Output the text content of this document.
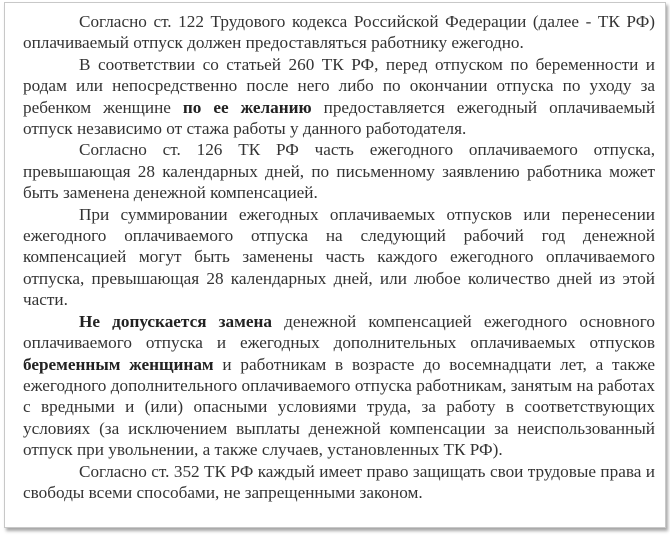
Согласно ст. 122 Трудового кодекса Российской Федерации (далее - ТК РФ) оплачиваемый отпуск должен предоставляться работнику ежегодно.

В соответствии со статьей 260 ТК РФ, перед отпуском по беременности и родам или непосредственно после него либо по окончании отпуска по уходу за ребенком женщине по ее желанию предоставляется ежегодный оплачиваемый отпуск независимо от стажа работы у данного работодателя.

Согласно ст. 126 ТК РФ часть ежегодного оплачиваемого отпуска, превышающая 28 календарных дней, по письменному заявлению работника может быть заменена денежной компенсацией.

При суммировании ежегодных оплачиваемых отпусков или перенесении ежегодного оплачиваемого отпуска на следующий рабочий год денежной компенсацией могут быть заменены часть каждого ежегодного оплачиваемого отпуска, превышающая 28 календарных дней, или любое количество дней из этой части.

Не допускается замена денежной компенсацией ежегодного основного оплачиваемого отпуска и ежегодных дополнительных оплачиваемых отпусков беременным женщинам и работникам в возрасте до восемнадцати лет, а также ежегодного дополнительного оплачиваемого отпуска работникам, занятым на работах с вредными и (или) опасными условиями труда, за работу в соответствующих условиях (за исключением выплаты денежной компенсации за неиспользованный отпуск при увольнении, а также случаев, установленных ТК РФ).

Согласно ст. 352 ТК РФ каждый имеет право защищать свои трудовые права и свободы всеми способами, не запрещенными законом.
